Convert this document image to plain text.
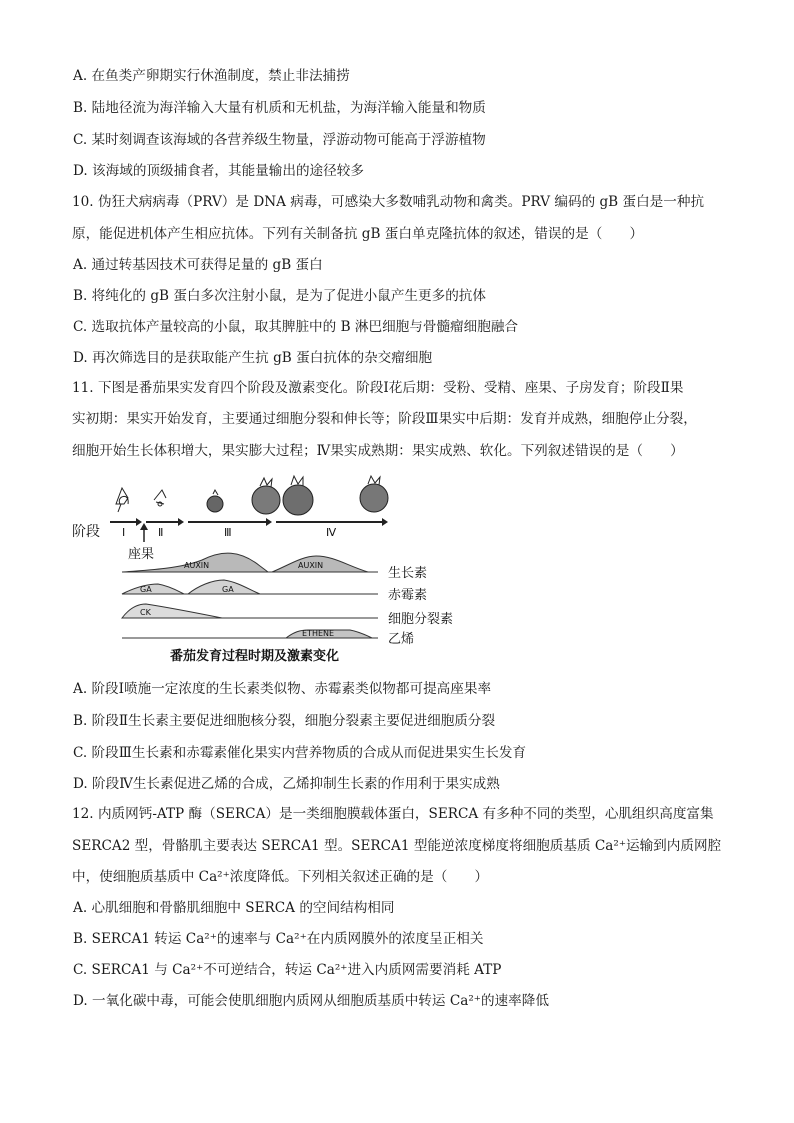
A. 在鱼类产卵期实行休渔制度，禁止非法捕捞
B. 陆地径流为海洋输入大量有机质和无机盐，为海洋输入能量和物质
C. 某时刻调查该海域的各营养级生物量，浮游动物可能高于浮游植物
D. 该海域的顶级捕食者，其能量输出的途径较多
10. 伪狂犬病病毒（PRV）是 DNA 病毒，可感染大多数哺乳动物和禽类。PRV 编码的 gB 蛋白是一种抗
原，能促进机体产生相应抗体。下列有关制备抗 gB 蛋白单克隆抗体的叙述，错误的是（　　）
A. 通过转基因技术可获得足量的 gB 蛋白
B. 将纯化的 gB 蛋白多次注射小鼠，是为了促进小鼠产生更多的抗体
C. 选取抗体产量较高的小鼠，取其脾脏中的 B 淋巴细胞与骨髓瘤细胞融合
D. 再次筛选目的是获取能产生抗 gB 蛋白抗体的杂交瘤细胞
11. 下图是番茄果实发育四个阶段及激素变化。阶段Ⅰ花后期：受粉、受精、座果、子房发育；阶段Ⅱ果
实初期：果实开始发育，主要通过细胞分裂和伸长等；阶段Ⅲ果实中后期：发育并成熟，细胞停止分裂，
细胞开始生长体积增大，果实膨大过程；Ⅳ果实成熟期：果实成熟、软化。下列叙述错误的是（　　）
阶段 Ⅰ	Ⅱ	Ⅲ	Ⅳ
座果
AUXIN	AUXIN
生长素
GA	GA	赤霉素
CK	细胞分裂素
ETHENE	乙烯
番茄发育过程时期及激素变化
A. 阶段Ⅰ喷施一定浓度的生长素类似物、赤霉素类似物都可提高座果率
B. 阶段Ⅱ生长素主要促进细胞核分裂，细胞分裂素主要促进细胞质分裂
C. 阶段Ⅲ生长素和赤霉素催化果实内营养物质的合成从而促进果实生长发育
D. 阶段Ⅳ生长素促进乙烯的合成，乙烯抑制生长素的作用利于果实成熟
12. 内质网钙-ATP 酶（SERCA）是一类细胞膜载体蛋白，SERCA 有多种不同的类型，心肌组织高度富集
SERCA2 型，骨骼肌主要表达 SERCA1 型。SERCA1 型能逆浓度梯度将细胞质基质 Ca²⁺运输到内质网腔
中，使细胞质基质中 Ca²⁺浓度降低。下列相关叙述正确的是（　　）
A. 心肌细胞和骨骼肌细胞中 SERCA 的空间结构相同
B. SERCA1 转运 Ca²⁺的速率与 Ca²⁺在内质网膜外的浓度呈正相关
C. SERCA1 与 Ca²⁺不可逆结合，转运 Ca²⁺进入内质网需要消耗 ATP
D. 一氧化碳中毒，可能会使肌细胞内质网从细胞质基质中转运 Ca²⁺的速率降低
